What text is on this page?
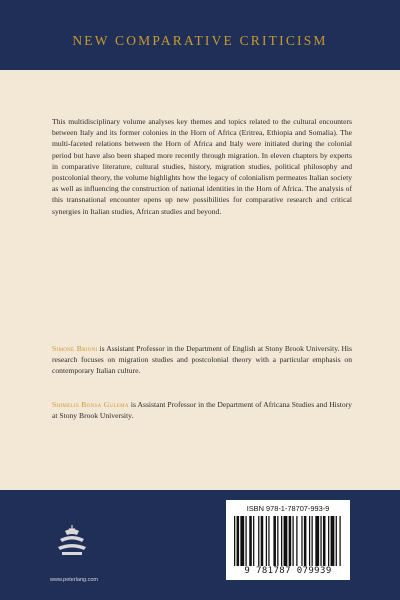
NEW COMPARATIVE CRITICISM

This multidisciplinary volume analyses key themes and topics related to the cultural encounters between Italy and its former colonies in the Horn of Africa (Eritrea, Ethiopia and Somalia). The multi-faceted relations between the Horn of Africa and Italy were initiated during the colonial period but have also been shaped more recently through migration. In eleven chapters by experts in comparative literature, cultural studies, history, migration studies, political philosophy and postcolonial theory, the volume highlights how the legacy of colonialism permeates Italian society as well as influencing the construction of national identities in the Horn of Africa. The analysis of this transnational encounter opens up new possibilities for comparative research and critical synergies in Italian studies, African studies and beyond.

Simone Brioni is Assistant Professor in the Department of English at Stony Brook University. His research focuses on migration studies and postcolonial theory with a particular emphasis on contemporary Italian culture.

Shimelis Bonsa Gulema is Assistant Professor in the Department of Africana Studies and History at Stony Brook University.

www.peterlang.com
ISBN 978-1-78707-993-9
9 781787 079939
